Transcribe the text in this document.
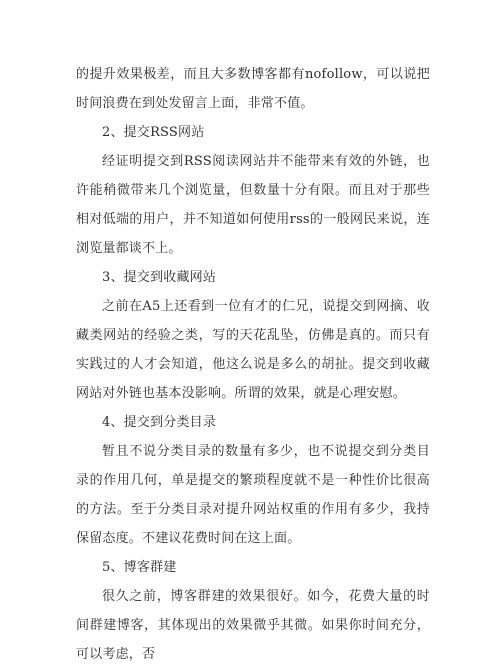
的提升效果极差，而且大多数博客都有nofollow，可以说把时间浪费在到处发留言上面，非常不值。

2、提交RSS网站

经证明提交到RSS阅读网站并不能带来有效的外链，也许能稍微带来几个浏览量，但数量十分有限。而且对于那些相对低端的用户，并不知道如何使用rss的一般网民来说，连浏览量都谈不上。

3、提交到收藏网站

之前在A5上还看到一位有才的仁兄，说提交到网摘、收藏类网站的经验之类，写的天花乱坠，仿佛是真的。而只有实践过的人才会知道，他这么说是多么的胡扯。提交到收藏网站对外链也基本没影响。所谓的效果，就是心理安慰。

4、提交到分类目录

暂且不说分类目录的数量有多少，也不说提交到分类目录的作用几何，单是提交的繁琐程度就不是一种性价比很高的方法。至于分类目录对提升网站权重的作用有多少，我持保留态度。不建议花费时间在这上面。

5、博客群建

很久之前，博客群建的效果很好。如今，花费大量的时间群建博客，其体现出的效果微乎其微。如果你时间充分，可以考虑，否
